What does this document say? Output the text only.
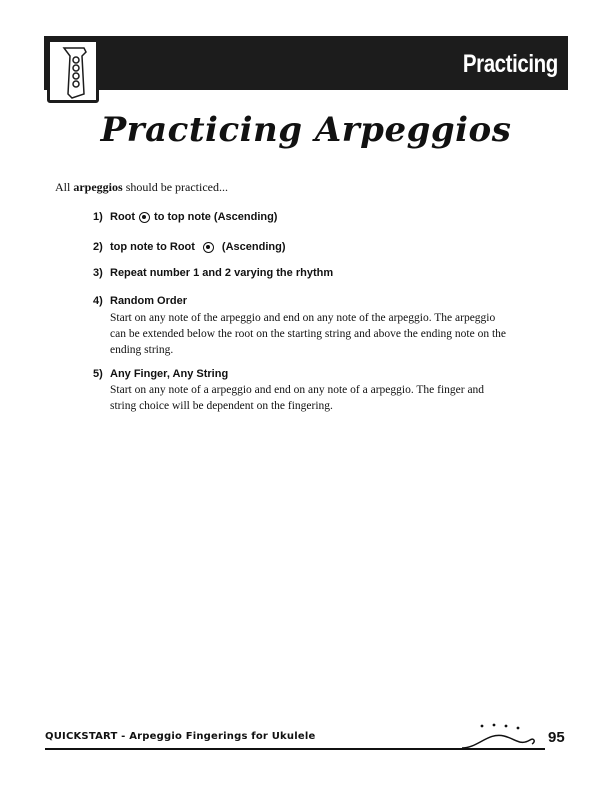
Practicing
Practicing Arpeggios
All arpeggios should be practiced...
1) Root to top note (Ascending)
2) top note to Root (Ascending)
3) Repeat number 1 and 2 varying the rhythm
4) Random Order
Start on any note of the arpeggio and end on any note of the arpeggio. The arpeggio can be extended below the root on the starting string and above the ending note on the ending string.
5) Any Finger, Any String
Start on any note of a arpeggio and end on any note of a arpeggio. The finger and string choice will be dependent on the fingering.
QUICKSTART - Arpeggio Fingerings for Ukulele	95
